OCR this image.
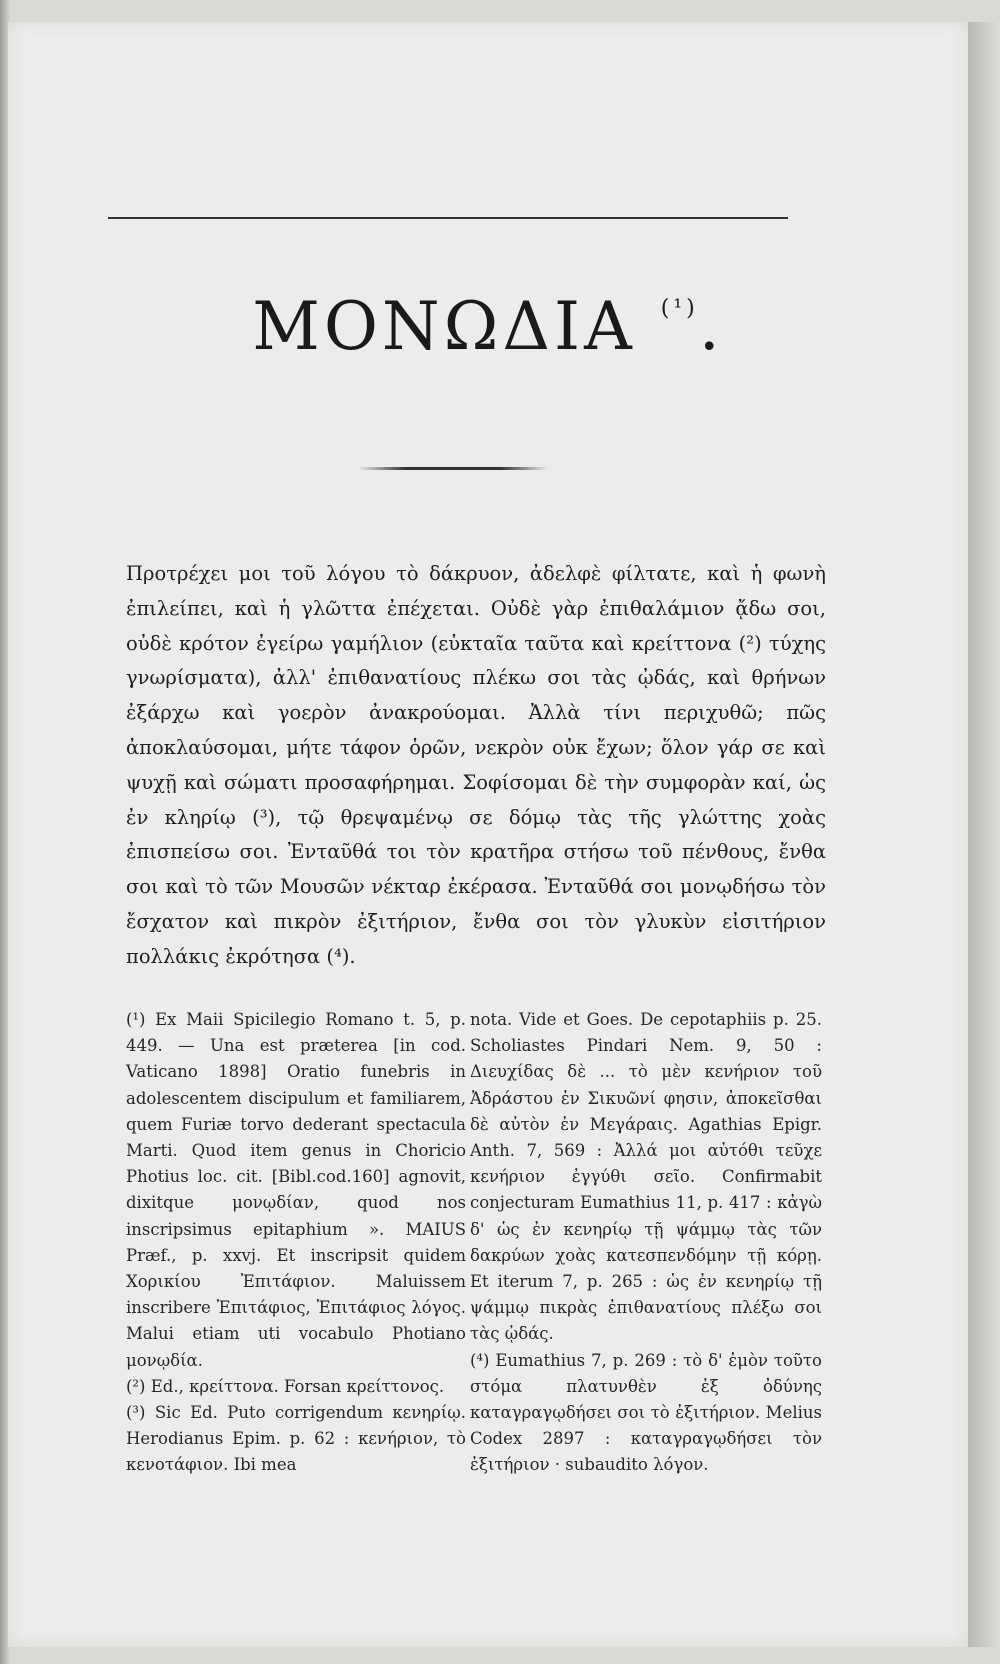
ΜΟΝΩΔΙΑ $^{(^1)}$.

Προτρέχει μοι τοῦ λόγου τὸ δάκρυον, ἀδελφὲ φίλτατε, καὶ ἡ φωνὴ ἐπιλείπει, καὶ ἡ γλῶττα ἐπέχεται. Οὐδὲ γὰρ ἐπιθαλάμιον ᾄδω σοι, οὐδὲ κρότον ἐγείρω γαμήλιον (εὐκταῖα ταῦτα καὶ κρείττονα (²) τύχης γνωρίσματα), ἀλλ' ἐπιθανατίους πλέκω σοι τὰς ᾠδάς, καὶ θρήνων ἐξάρχω καὶ γοερὸν ἀνακρούομαι. Ἀλλὰ τίνι περιχυθῶ; πῶς ἀποκλαύσομαι, μήτε τάφον ὁρῶν, νεκρὸν οὐκ ἔχων; ὅλον γάρ σε καὶ ψυχῇ καὶ σώματι προσαφήρημαι. Σοφίσομαι δὲ τὴν συμφορὰν καί, ὡς ἐν κληρίῳ (³), τῷ θρεψαμένῳ σε δόμῳ τὰς τῆς γλώττης χοὰς ἐπισπείσω σοι. Ἐνταῦθά τοι τὸν κρατῆρα στήσω τοῦ πένθους, ἔνθα σοι καὶ τὸ τῶν Μουσῶν νέκταρ ἐκέρασα. Ἐνταῦθά σοι μονῳδήσω τὸν ἔσχατον καὶ πικρὸν ἐξιτήριον, ἔνθα σοι τὸν γλυκὺν εἰσιτήριον πολλάκις ἐκρότησα (⁴).

(¹) Ex Maii Spicilegio Romano t. 5, p. 449. — Una est præterea [in cod. Vaticano 1898] Oratio funebris in adolescentem discipulum et familiarem, quem Furiæ torvo dederant spectacula Marti. Quod item genus in Choricio Photius loc. cit. [Bibl.cod.160] agnovit, dixitque μονῳδίαν, quod nos inscripsimus epitaphium ». MAIUS Præf., p. xxvj. Et inscripsit quidem Χορικίου Ἐπιτάφιον. Maluissem inscribere Ἐπιτάφιος, Ἐπιτάφιος λόγος. Malui etiam uti vocabulo Photiano μονῳδία.

(²) Ed., κρείττονα. Forsan κρείττονος.

(³) Sic Ed. Puto corrigendum κενηρίῳ. Herodianus Epim. p. 62 : κενήριον, τὸ κενοτάφιον. Ibi mea

nota. Vide et Goes. De cepotaphiis p. 25. Scholiastes Pindari Nem. 9, 50 : Διευχίδας δὲ ... τὸ μὲν κενήριον τοῦ Ἀδράστου ἐν Σικυῶνί φησιν, ἀποκεῖσθαι δὲ αὐτὸν ἐν Μεγάραις. Agathias Epigr. Anth. 7, 569 : Ἀλλά μοι αὐτόθι τεῦχε κενήριον ἐγγύθι σεῖο. Confirmabit conjecturam Eumathius 11, p. 417 : κἀγὼ δ' ὡς ἐν κενηρίῳ τῇ ψάμμῳ τὰς τῶν δακρύων χοὰς κατεσπενδόμην τῇ κόρῃ. Et iterum 7, p. 265 : ὡς ἐν κενηρίῳ τῇ ψάμμῳ πικρὰς ἐπιθανατίους πλέξω σοι τὰς ᾠδάς.

(⁴) Eumathius 7, p. 269 : τὸ δ' ἐμὸν τοῦτο στόμα πλατυνθὲν ἐξ ὀδύνης καταγραγῳδήσει σοι τὸ ἐξιτήριον. Melius Codex 2897 : καταγραγῳδήσει τὸν ἐξιτήριον · subaudito λόγον.
